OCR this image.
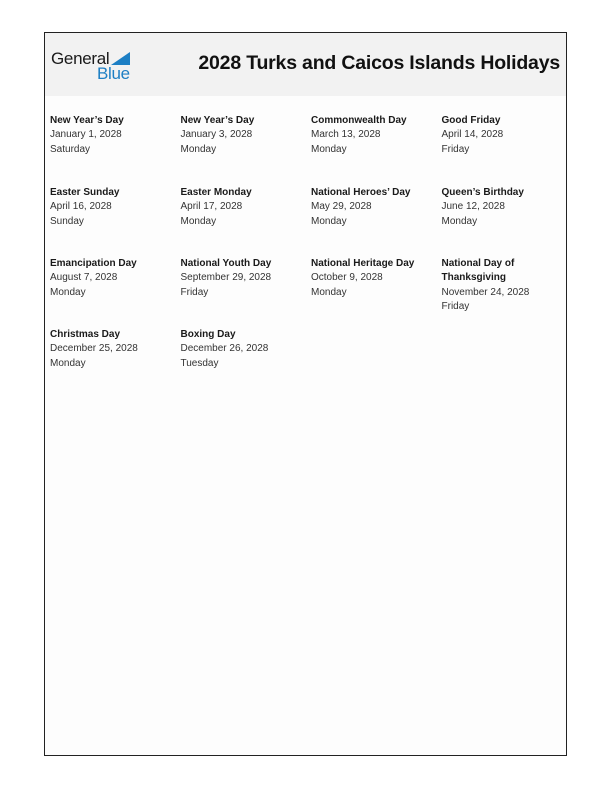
General
Blue	2028 Turks and Caicos Islands Holidays
New Year’s Day
January 1, 2028
Saturday
New Year’s Day
January 3, 2028
Monday
Commonwealth Day
March 13, 2028
Monday
Good Friday
April 14, 2028
Friday
Easter Sunday
April 16, 2028
Sunday
Easter Monday
April 17, 2028
Monday
National Heroes’ Day
May 29, 2028
Monday
Queen’s Birthday
June 12, 2028
Monday
Emancipation Day
August 7, 2028
Monday
National Youth Day
September 29, 2028
Friday
National Heritage Day
October 9, 2028
Monday
National Day of Thanksgiving
November 24, 2028
Friday
Christmas Day
December 25, 2028
Monday
Boxing Day
December 26, 2028
Tuesday
